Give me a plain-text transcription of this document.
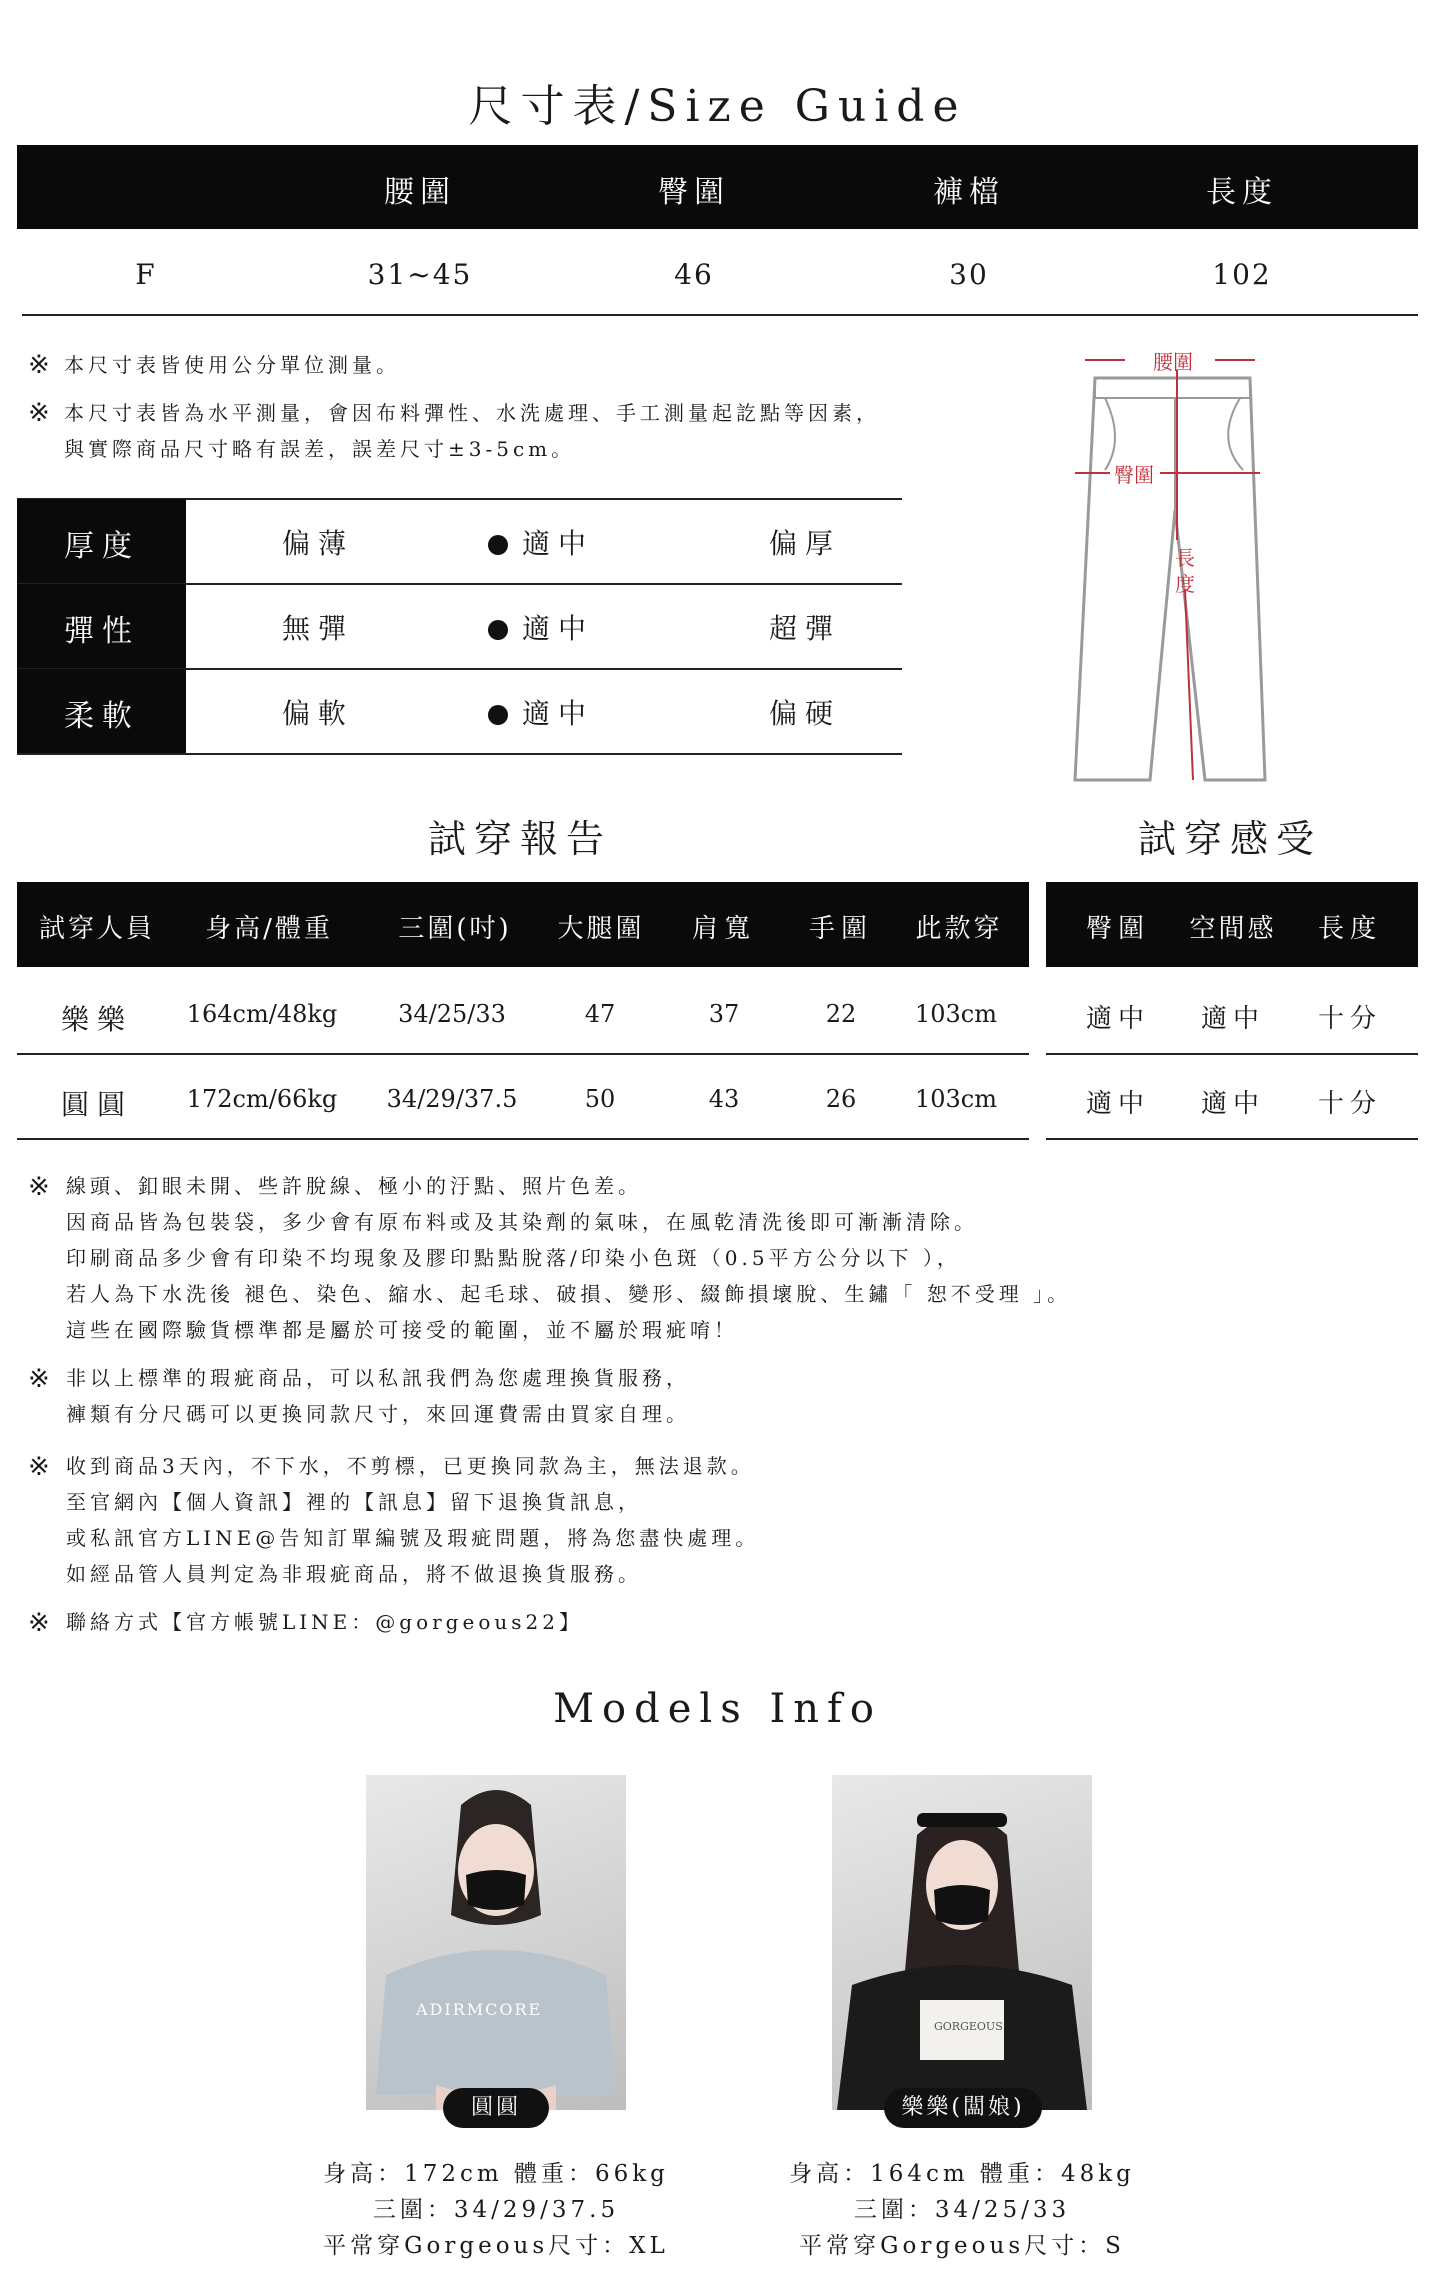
尺寸表/Size Guide
腰圍	臀圍	褲檔	長度
F	31~45	46	30	102
※ 本尺寸表皆使用公分單位測量。
※ 本尺寸表皆為水平測量，會因布料彈性、水洗處理、手工測量起訖點等因素，
與實際商品尺寸略有誤差，誤差尺寸±3-5cm。
厚度	偏薄	適中	偏厚
彈性	無彈	適中	超彈
柔軟	偏軟	適中	偏硬
腰圍
臀圍
長
度
試穿報告	試穿感受
試穿人員 身高/體重	三圍(吋) 大腿圍 肩寬 手圍 此款穿
樂樂 164cm/48kg	34/25/33	47	37	22 103cm
圓圓 172cm/66kg 34/29/37.5	50	43	26 103cm
臀圍 空間感 長度
適中 適中 十分
適中 適中 十分
※ 線頭、釦眼未開、些許脫線、極小的汙點、照片色差。
因商品皆為包裝袋，多少會有原布料或及其染劑的氣味，在風乾清洗後即可漸漸清除。
印刷商品多少會有印染不均現象及膠印點點脫落/印染小色斑（0.5平方公分以下 ），
若人為下水洗後 褪色、染色、縮水、起毛球、破損、變形、綴飾損壞脫、生鏽「 恕不受理 」。
這些在國際驗貨標準都是屬於可接受的範圍，並不屬於瑕疵唷！
※ 非以上標準的瑕疵商品，可以私訊我們為您處理換貨服務，
褲類有分尺碼可以更換同款尺寸，來回運費需由買家自理。
※ 收到商品3天內，不下水，不剪標，已更換同款為主，無法退款。
至官網內【個人資訊】裡的【訊息】留下退換貨訊息，
或私訊官方LINE@告知訂單編號及瑕疵問題，將為您盡快處理。
如經品管人員判定為非瑕疵商品，將不做退換貨服務。
※ 聯絡方式【官方帳號LINE：@gorgeous22】
Models Info
ADIRMCORE
圓圓
GORGEOUS
樂樂(闆娘)
身高：172cm 體重：66kg
三圍：34/29/37.5
平常穿Gorgeous尺寸：XL
身高：164cm 體重：48kg
三圍：34/25/33
平常穿Gorgeous尺寸：S
